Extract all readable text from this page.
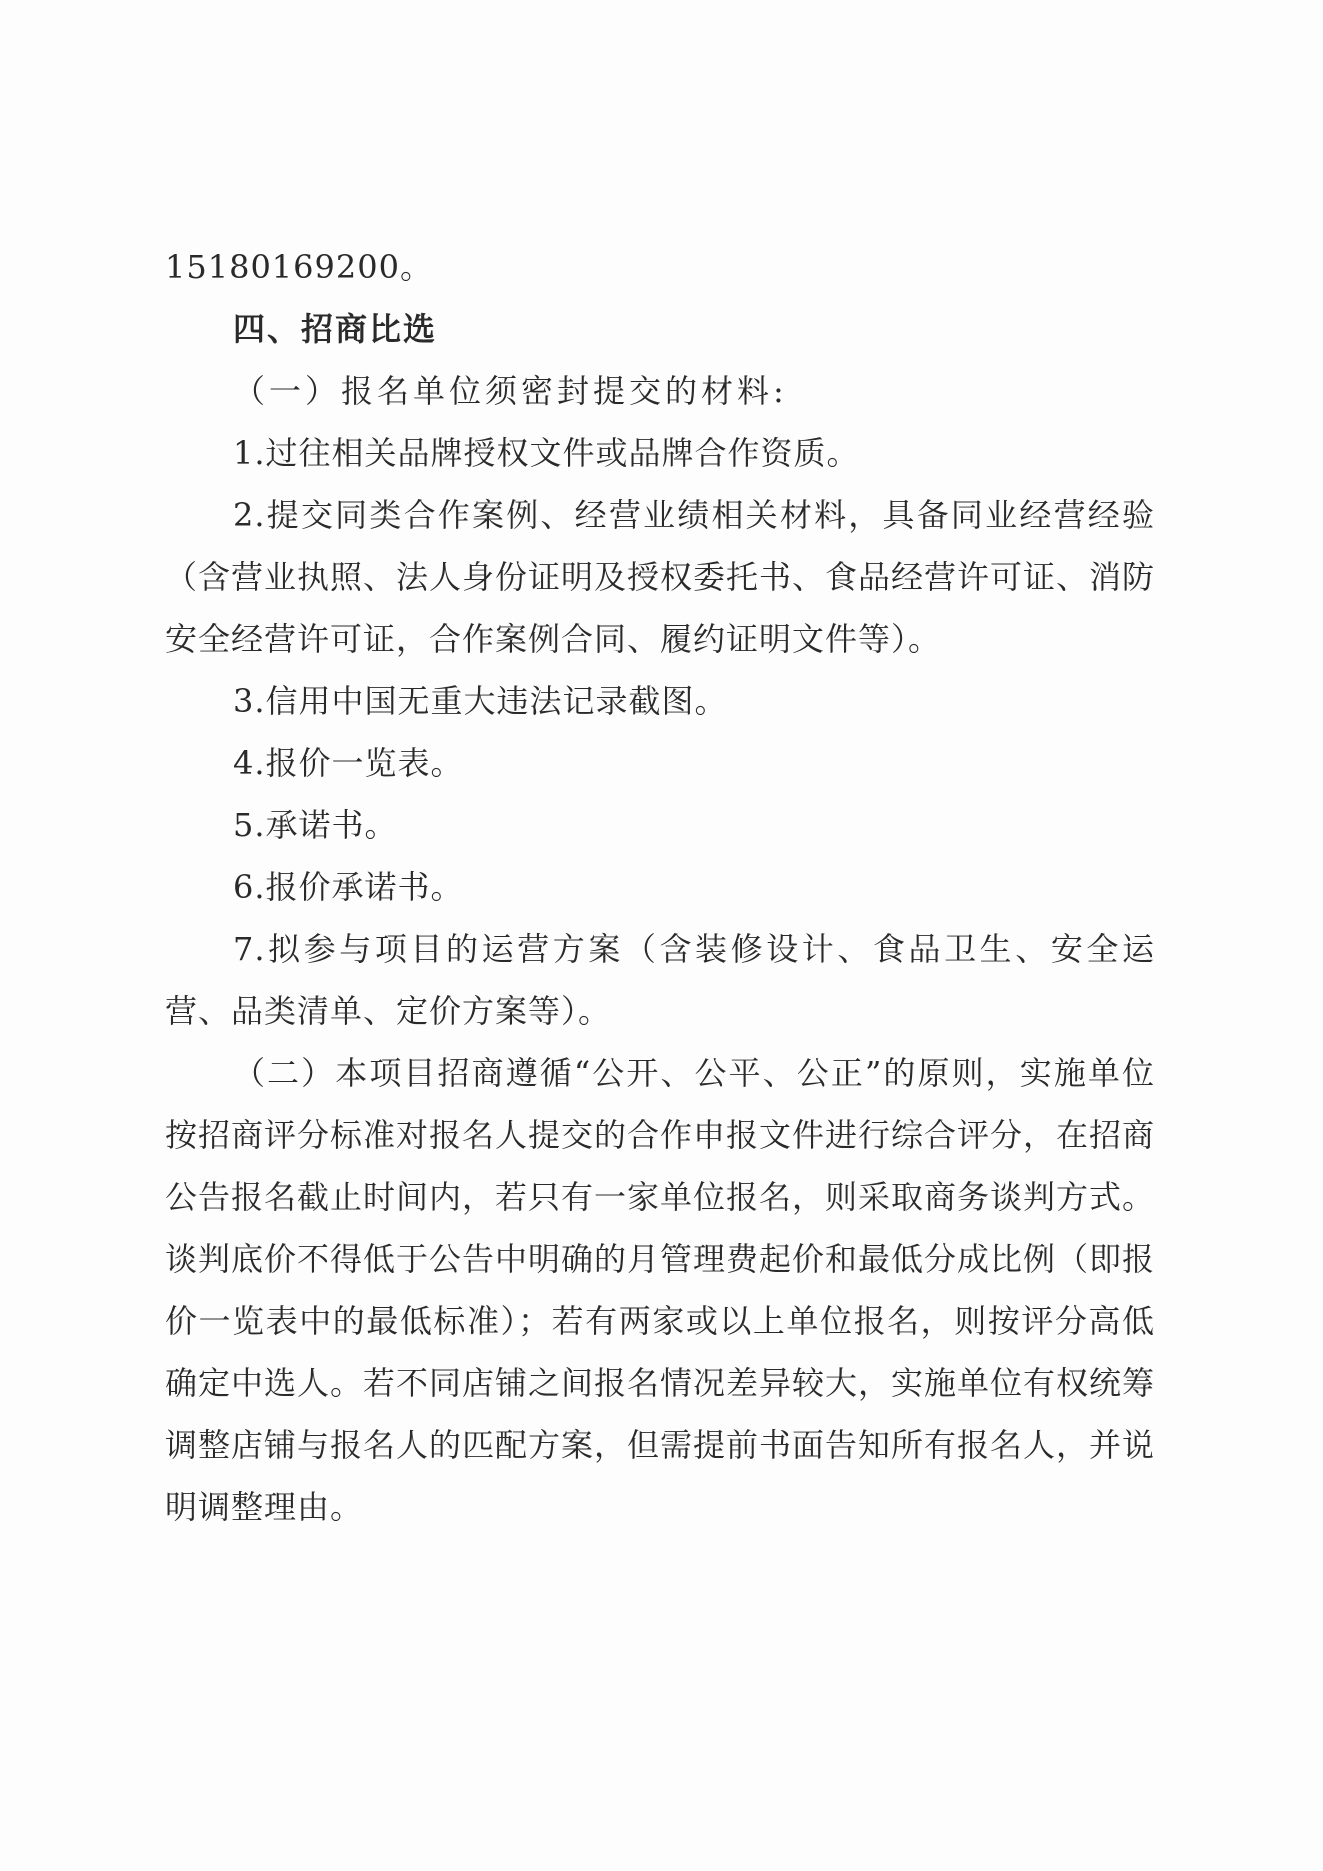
15180169200。

四、招商比选

（一）报名单位须密封提交的材料:

1.过往相关品牌授权文件或品牌合作资质。

2.提交同类合作案例、经营业绩相关材料，具备同业经营经验（含营业执照、法人身份证明及授权委托书、食品经营许可证、消防安全经营许可证，合作案例合同、履约证明文件等）。

3.信用中国无重大违法记录截图。

4.报价一览表。

5.承诺书。

6.报价承诺书。

7.拟参与项目的运营方案（含装修设计、食品卫生、安全运营、品类清单、定价方案等）。

（二）本项目招商遵循“公开、公平、公正”的原则，实施单位按招商评分标准对报名人提交的合作申报文件进行综合评分，在招商公告报名截止时间内，若只有一家单位报名，则采取商务谈判方式。谈判底价不得低于公告中明确的月管理费起价和最低分成比例（即报价一览表中的最低标准）；若有两家或以上单位报名，则按评分高低确定中选人。若不同店铺之间报名情况差异较大，实施单位有权统筹调整店铺与报名人的匹配方案，但需提前书面告知所有报名人，并说明调整理由。
